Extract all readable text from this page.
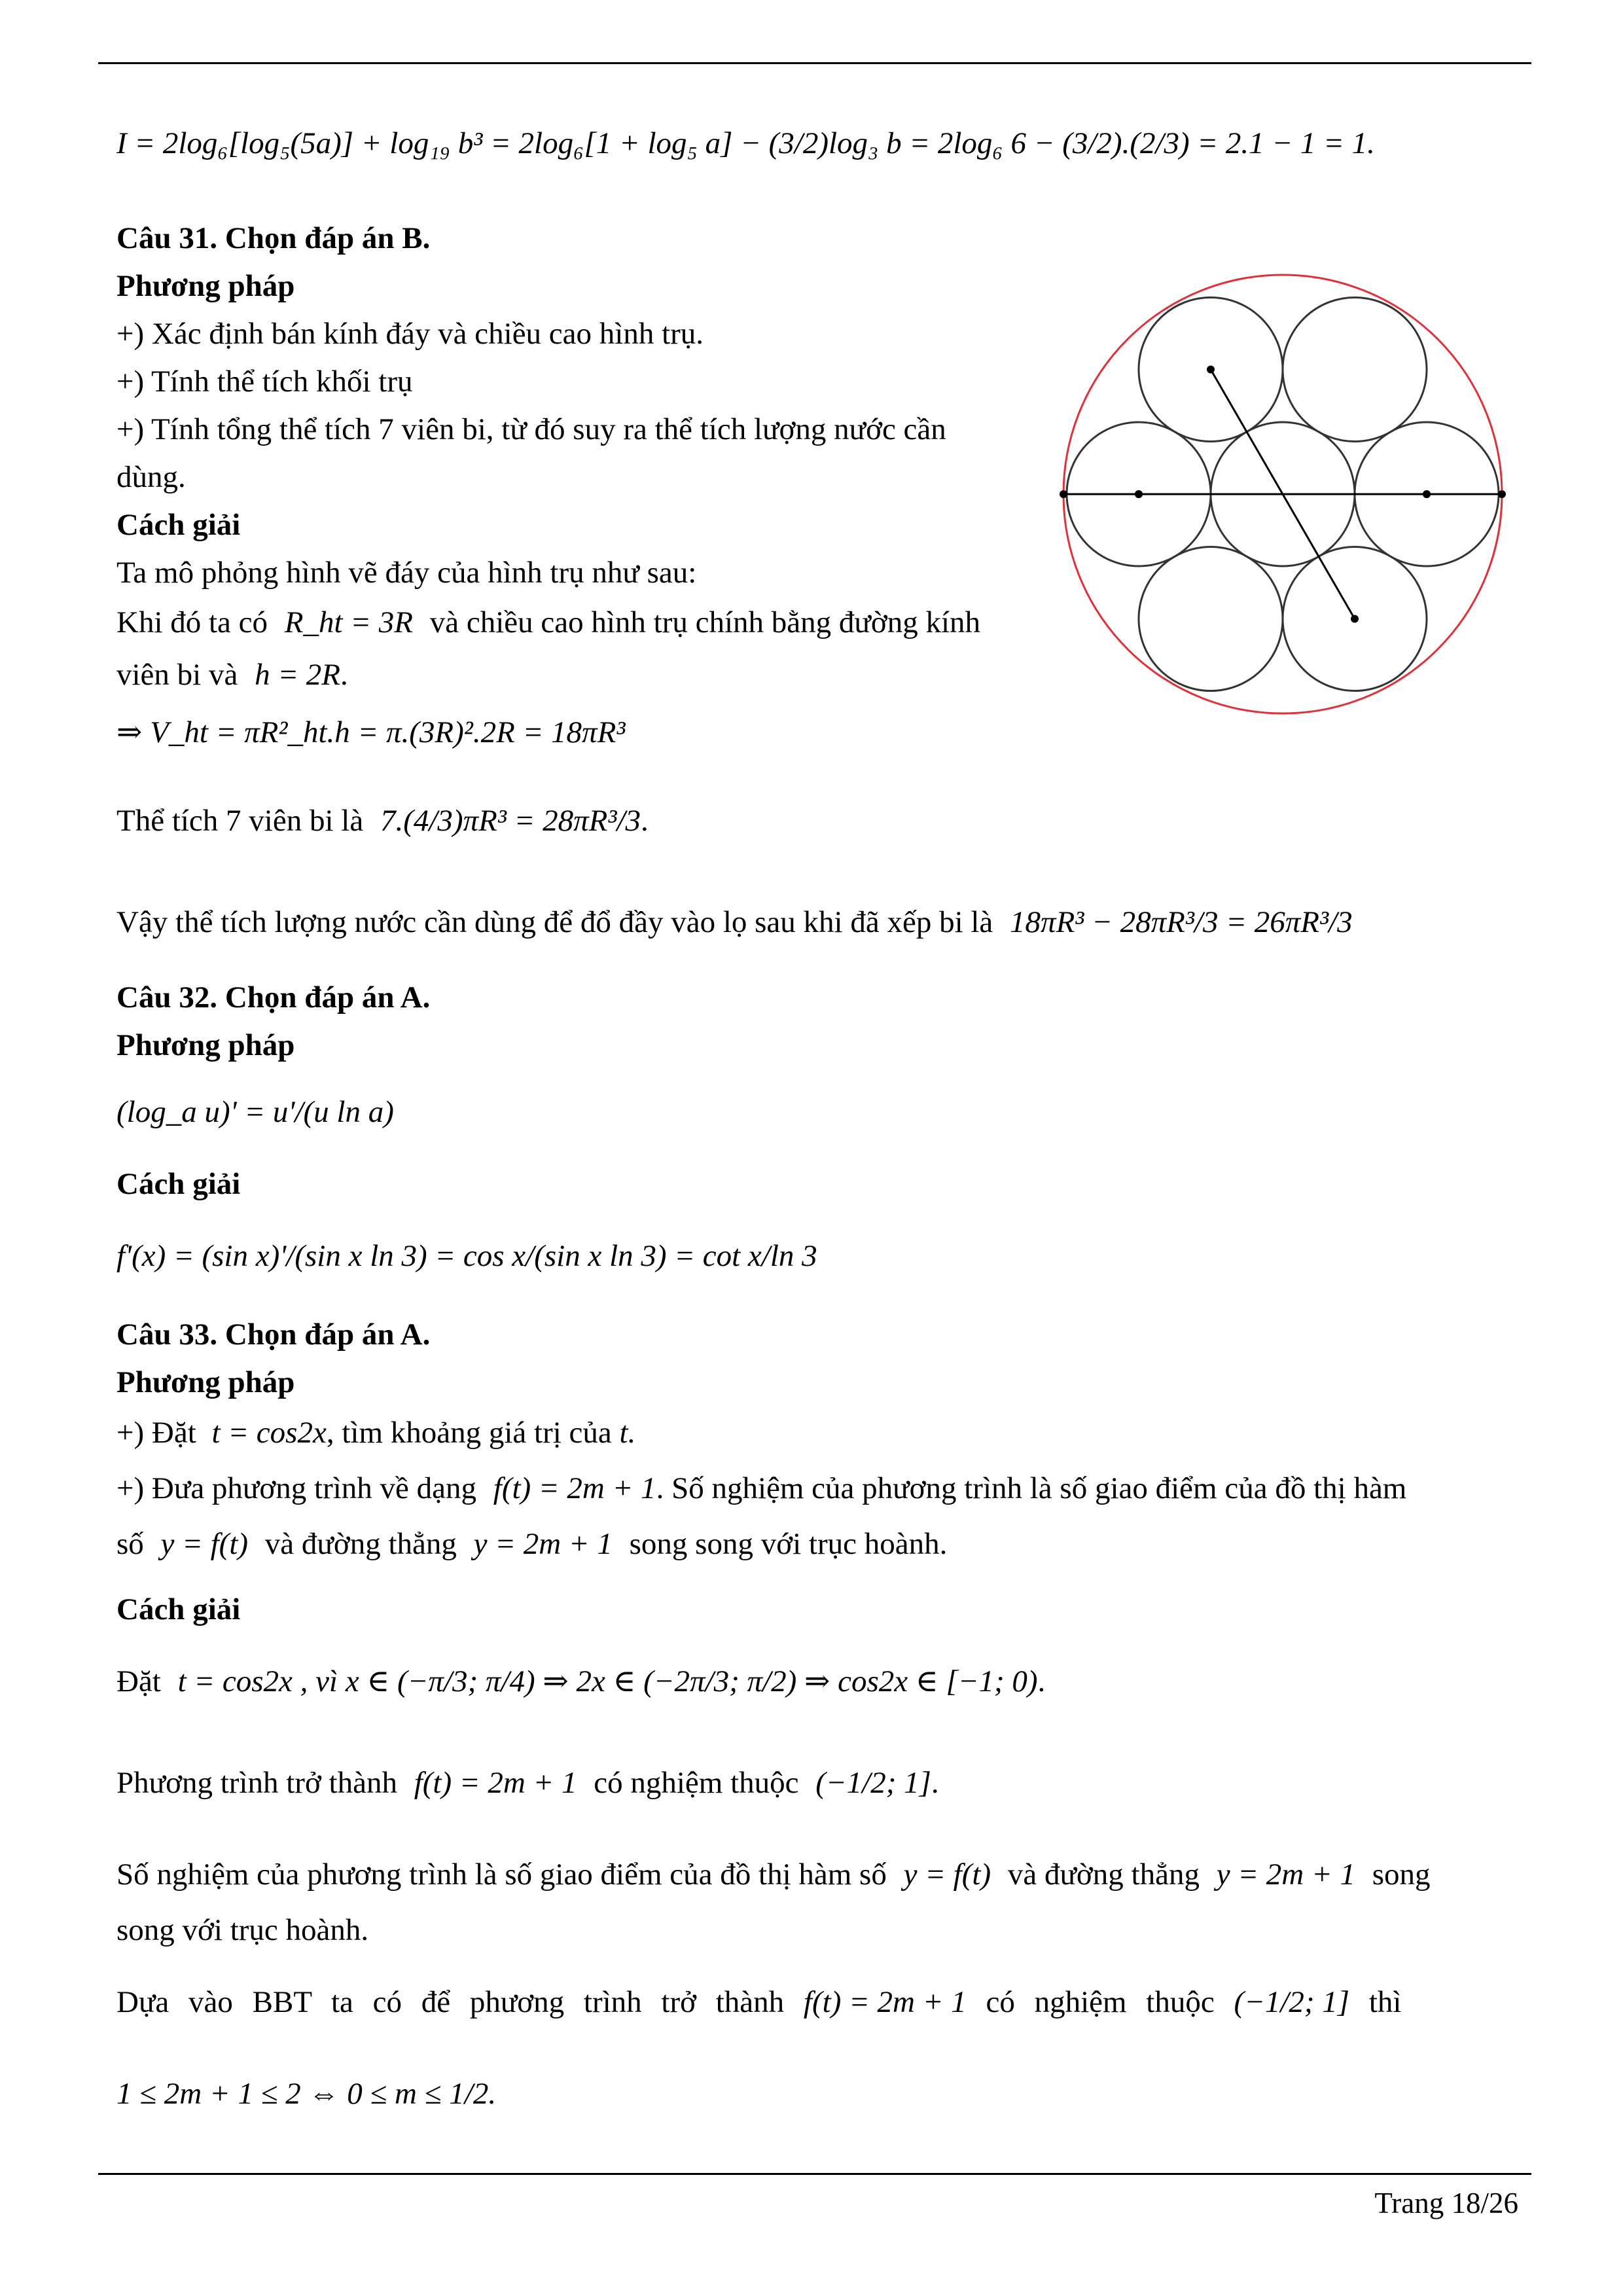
I = 2log₆[log₅(5a)] + log₁₉ b³ = 2log₆[1 + log₅ a] − (3/2)log₃ b = 2log₆ 6 − (3/2).(2/3) = 2.1 − 1 = 1.
Câu 31. Chọn đáp án B.
Phương pháp
+) Xác định bán kính đáy và chiều cao hình trụ.
+) Tính thể tích khối trụ
+) Tính tổng thể tích 7 viên bi, từ đó suy ra thể tích lượng nước cần
dùng.
Cách giải
Ta mô phỏng hình vẽ đáy của hình trụ như sau:
Khi đó ta có R_ht = 3R và chiều cao hình trụ chính bằng đường kính
viên bi và h = 2R.
⇒ V_ht = πR²_ht.h = π.(3R)².2R = 18πR³
Thể tích 7 viên bi là 7.(4/3)πR³ = 28πR³/3.
Vậy thể tích lượng nước cần dùng để đổ đầy vào lọ sau khi đã xếp bi là 18πR³ − 28πR³/3 = 26πR³/3
Câu 32. Chọn đáp án A.
Phương pháp
(log_a u)' = u'/(u ln a)
Cách giải
f'(x) = (sin x)'/(sin x ln 3) = cos x/(sin x ln 3) = cot x/ln 3
Câu 33. Chọn đáp án A.
Phương pháp
+) Đặt t = cos2x, tìm khoảng giá trị của t.
+) Đưa phương trình về dạng f(t) = 2m + 1. Số nghiệm của phương trình là số giao điểm của đồ thị hàm
số y = f(t) và đường thẳng y = 2m + 1 song song với trục hoành.
Cách giải
Đặt t = cos2x , vì x ∈ (−π/3; π/4) ⇒ 2x ∈ (−2π/3; π/2) ⇒ cos2x ∈ [−1; 0).
Phương trình trở thành f(t) = 2m + 1 có nghiệm thuộc (−1/2; 1].
Số nghiệm của phương trình là số giao điểm của đồ thị hàm số y = f(t) và đường thẳng y = 2m + 1 song
song với trục hoành.
Dựa vào BBT ta có để phương trình trở thành f(t) = 2m + 1 có nghiệm thuộc (−1/2; 1] thì
1 ≤ 2m + 1 ≤ 2 ⇔ 0 ≤ m ≤ 1/2.
Trang 18/26
